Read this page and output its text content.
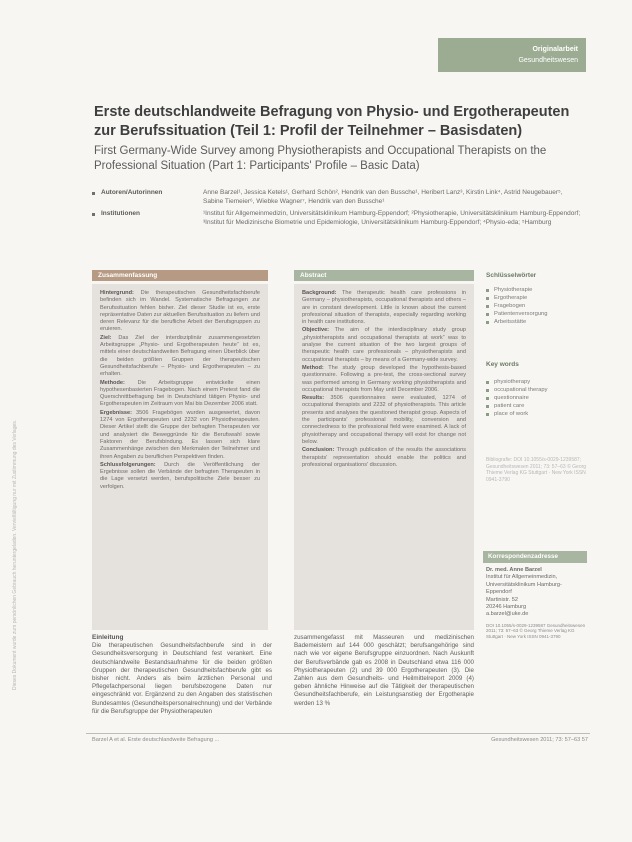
Dieses Dokument wurde zum persönlichen Gebrauch heruntergeladen. Vervielfältigung nur mit Zustimmung des Verlages.
Originalarbeit
Gesundheitswesen
Erste deutschlandweite Befragung von Physio- und Ergotherapeuten zur Berufssituation (Teil 1: Profil der Teilnehmer – Basisdaten)
First Germany-Wide Survey among Physiotherapists and Occupational Therapists on the Professional Situation (Part 1: Participants' Profile – Basic Data)
Autoren/Autorinnen	Anne Barzel¹, Jessica Ketels¹, Gerhard Schön², Hendrik van den Bussche¹, Heribert Lanz³, Kirstin Link⁴, Astrid Neugebauer⁵, Sabine Tiemeier⁶, Wiebke Wagner⁷, Hendrik van den Bussche¹
Institutionen	¹Institut für Allgemeinmedizin, Universitätsklinikum Hamburg-Eppendorf; ²Physiotherapie, Universitätsklinikum Hamburg-Eppendorf; ³Institut für Medizinische Biometrie und Epidemiologie, Universitätsklinikum Hamburg-Eppendorf; ⁴Physio-eda; ⁵Hamburg
Zusammenfassung

Hintergrund: Die therapeutischen Gesundheitsfachberufe befinden sich im Wandel. Systematische Befragungen zur Berufssituation fehlen bisher. Ziel dieser Studie ist es, erste repräsentative Daten zur aktuellen Berufssituation zu liefern und deren Relevanz für die berufliche Arbeit der Berufsgruppen zu eruieren.

Ziel: Das Ziel der interdisziplinär zusammengesetzten Arbeitsgruppe „Physio- und Ergotherapeuten heute“ ist es, mittels einer deutschlandweiten Befragung einen Überblick über die beiden größten Gruppen der therapeutischen Gesundheitsfachberufe – Physio- und Ergotherapeuten – zu erhalten.

Methode: Die Arbeitsgruppe entwickelte einen hypothesenbasierten Fragebogen. Nach einem Pretest fand die Querschnittbefragung bei in Deutschland tätigen Physio- und Ergotherapeuten im Zeitraum von Mai bis Dezember 2006 statt.

Ergebnisse: 3506 Fragebögen wurden ausgewertet, davon 1274 von Ergotherapeuten und 2232 von Physiotherapeuten. Dieser Artikel stellt die Gruppe der befragten Therapeuten vor und analysiert die Beweggründe für die Berufswahl sowie Faktoren der Berufsbindung. Es lassen sich klare Zusammenhänge zwischen den Merkmalen der Teilnehmer und ihren Angaben zu beruflichen Perspektiven finden.

Schlussfolgerungen: Durch die Veröffentlichung der Ergebnisse sollen die Verbände der befragten Therapeuten in die Lage versetzt werden, berufspolitische Ziele besser zu verfolgen.

Abstract

Background: The therapeutic health care professions in Germany – physiotherapists, occupational therapists and others – are in constant development. Little is known about the current professional situation of therapists, especially regarding working in health care institutions.

Objective: The aim of the interdisciplinary study group „physiotherapists and occupational therapists at work“ was to analyse the current situation of the two largest groups of therapeutic health care professionals – physiotherapists and occupational therapists – by means of a Germany-wide survey.

Method: The study group developed the hypothesis-based questionnaire. Following a pre-test, the cross-sectional survey was performed among in Germany working physiotherapists and occupational therapists from May until December 2006.

Results: 3506 questionnaires were evaluated, 1274 of occupational therapists and 2232 of physiotherapists. This article presents and analyses the questioned therapist group. Aspects of the participants' professional mobility, conversion and connectedness to the professional field were examined. A lack of physiotherapy and occupational therapy will exist for change not below.

Conclusion: Through publication of the results the associations therapists' representation should enable the politics and professional organisations' discussion.

Schlüsselwörter
Physiotherapie
Ergotherapie
Fragebogen
Patientenversorgung
Arbeitsstätte
Key words
physiotherapy
occupational therapy
questionnaire
patient care
place of work
Bibliografie: DOI 10.1055/s-0029-1239587; Gesundheitswesen 2011; 73: 57–63 © Georg Thieme Verlag KG Stuttgart · New York ISSN 0941-3790
Korrespondenzadresse
Dr. med. Anne Barzel
Institut für Allgemeinmedizin, Universitätsklinikum Hamburg-Eppendorf
Martinistr. 52
20246 Hamburg
a.barzel@uke.de
DOI 10.1055/s-0029-1239587 Gesundheitswesen 2011; 73: 57–63 © Georg Thieme Verlag KG Stuttgart · New York ISSN 0941-3790
Einleitung

Die therapeutischen Gesundheitsfachberufe sind in der Gesundheitsversorgung in Deutschland fest verankert. Eine deutschlandweite Bestandsaufnahme für die beiden größten Gruppen der therapeutischen Gesundheitsfachberufe gibt es bisher nicht. Anders als beim ärztlichen Personal und Pflegefachpersonal liegen berufsbezogene Daten nur eingeschränkt vor. Ergänzend zu den Angaben des statistischen Bundesamtes (Gesundheitspersonalrechnung) und der Verbände für die Berufsgruppe der Physiotherapeuten

zusammengefasst mit Masseuren und medizinischen Bademeistern auf 144 000 geschätzt; berufsangehörige sind nach wie vor eigene Berufsgruppe einzuordnen. Nach Auskunft der Berufsverbände gab es 2008 in Deutschland etwa 116 000 Physiotherapeuten (2) und 39 000 Ergotherapeuten (3). Die Zahlen aus dem Gesundheits- und Heilmittelreport 2009 (4) geben ähnliche Hinweise auf die Tätigkeit der therapeutischen Gesundheitsfachberufe, ein Leistungsanstieg der Ergotherapie werden 13 %

Barzel A et al. Erste deutschlandweite Befragung ...	Gesundheitswesen 2011; 73: 57–63 57
